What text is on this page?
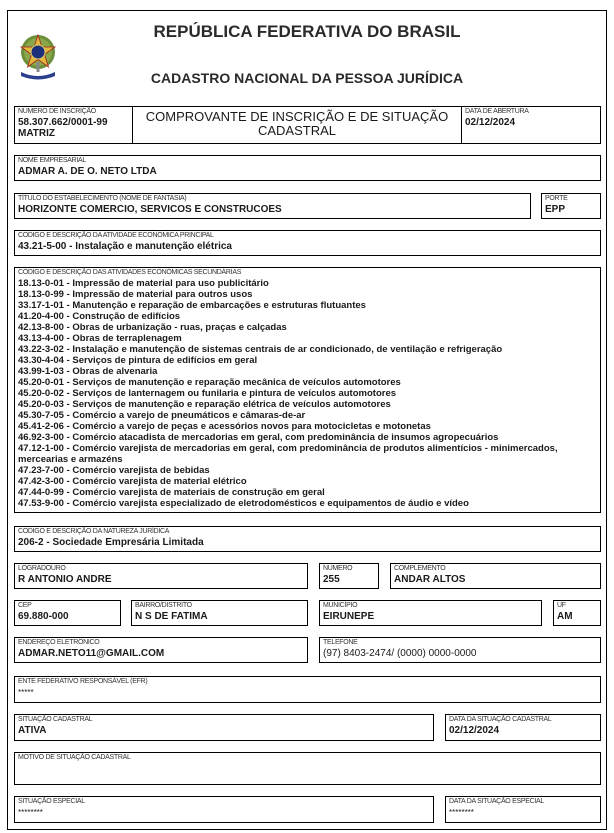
REPÚBLICA FEDERATIVA DO BRASIL
CADASTRO NACIONAL DA PESSOA JURÍDICA
NÚMERO DE INSCRIÇÃO
58.307.662/0001-99
MATRIZ
COMPROVANTE DE INSCRIÇÃO E DE SITUAÇÃO
CADASTRAL
DATA DE ABERTURA
02/12/2024
NOME EMPRESARIAL
ADMAR A. DE O. NETO LTDA
TÍTULO DO ESTABELECIMENTO (NOME DE FANTASIA)
HORIZONTE COMERCIO, SERVICOS E CONSTRUCOES
PORTE
EPP
CÓDIGO E DESCRIÇÃO DA ATIVIDADE ECONÔMICA PRINCIPAL
43.21-5-00 - Instalação e manutenção elétrica
CÓDIGO E DESCRIÇÃO DAS ATIVIDADES ECONÔMICAS SECUNDÁRIAS
18.13-0-01 - Impressão de material para uso publicitário
18.13-0-99 - Impressão de material para outros usos
33.17-1-01 - Manutenção e reparação de embarcações e estruturas flutuantes
41.20-4-00 - Construção de edifícios
42.13-8-00 - Obras de urbanização - ruas, praças e calçadas
43.13-4-00 - Obras de terraplenagem
43.22-3-02 - Instalação e manutenção de sistemas centrais de ar condicionado, de ventilação e refrigeração
43.30-4-04 - Serviços de pintura de edifícios em geral
43.99-1-03 - Obras de alvenaria
45.20-0-01 - Serviços de manutenção e reparação mecânica de veículos automotores
45.20-0-02 - Serviços de lanternagem ou funilaria e pintura de veículos automotores
45.20-0-03 - Serviços de manutenção e reparação elétrica de veículos automotores
45.30-7-05 - Comércio a varejo de pneumáticos e câmaras-de-ar
45.41-2-06 - Comércio a varejo de peças e acessórios novos para motocicletas e motonetas
46.92-3-00 - Comércio atacadista de mercadorias em geral, com predominância de insumos agropecuários
47.12-1-00 - Comércio varejista de mercadorias em geral, com predominância de produtos alimentícios - minimercados,
mercearias e armazéns
47.23-7-00 - Comércio varejista de bebidas
47.42-3-00 - Comércio varejista de material elétrico
47.44-0-99 - Comércio varejista de materiais de construção em geral
47.53-9-00 - Comércio varejista especializado de eletrodomésticos e equipamentos de áudio e vídeo
CÓDIGO E DESCRIÇÃO DA NATUREZA JURÍDICA
206-2 - Sociedade Empresária Limitada
LOGRADOURO
R ANTONIO ANDRE
NÚMERO
255
COMPLEMENTO
ANDAR ALTOS
CEP
69.880-000
BAIRRO/DISTRITO
N S DE FATIMA
MUNICÍPIO
EIRUNEPE
UF
AM
ENDEREÇO ELETRÔNICO
ADMAR.NETO11@GMAIL.COM
TELEFONE
(97) 8403-2474/ (0000) 0000-0000
ENTE FEDERATIVO RESPONSÁVEL (EFR)
*****
SITUAÇÃO CADASTRAL
ATIVA
DATA DA SITUAÇÃO CADASTRAL
02/12/2024
MOTIVO DE SITUAÇÃO CADASTRAL
SITUAÇÃO ESPECIAL
********
DATA DA SITUAÇÃO ESPECIAL
********
